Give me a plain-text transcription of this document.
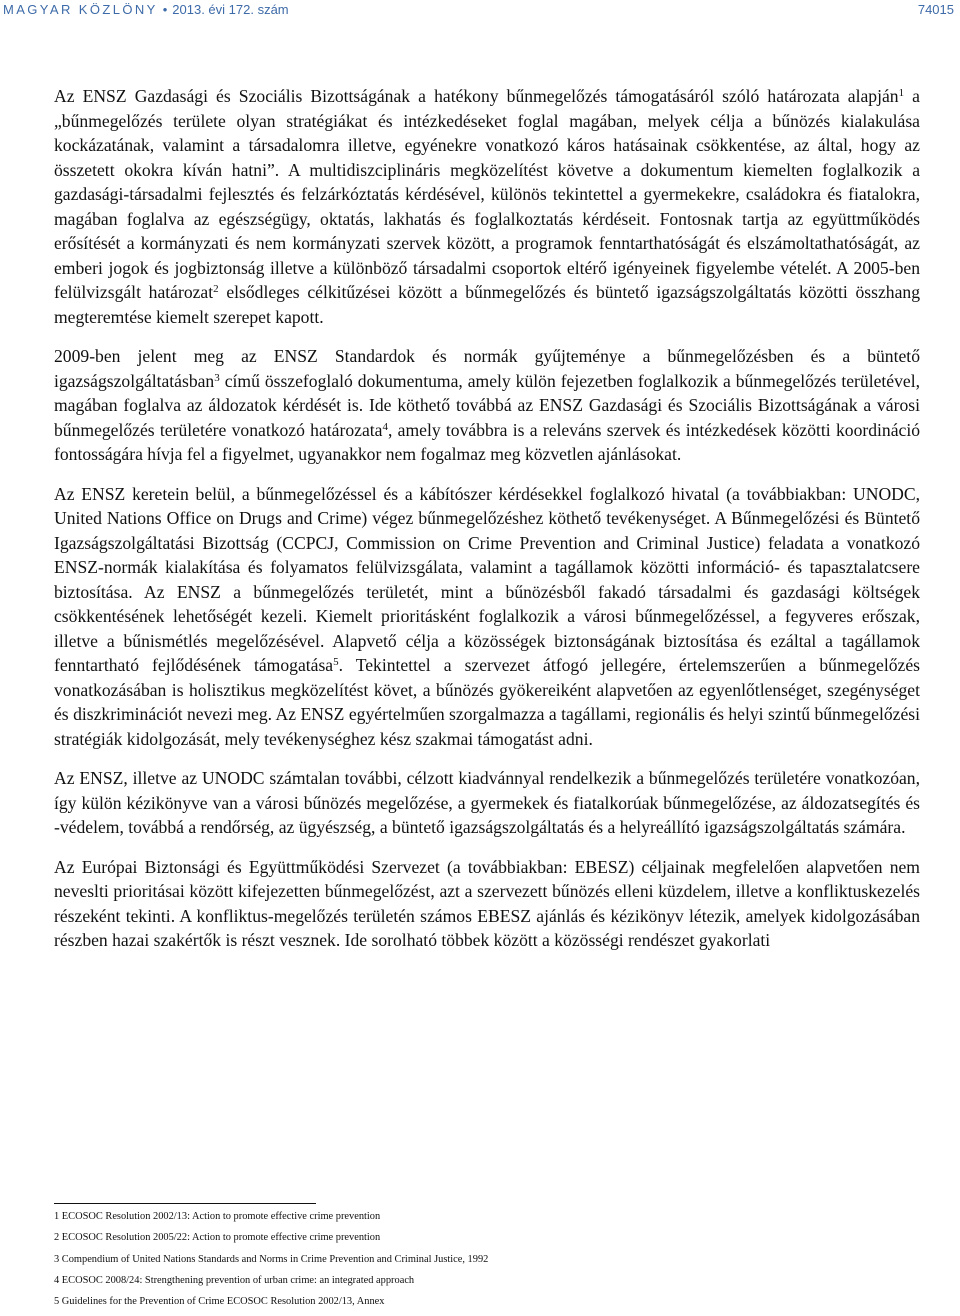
MAGYAR KÖZLÖNY • 2013. évi 172. szám	74015

Az ENSZ Gazdasági és Szociális Bizottságának a hatékony bűnmegelőzés támogatásáról szóló határozata alapján$^1$ a „bűnmegelőzés területe olyan stratégiákat és intézkedéseket foglal magában, melyek célja a bűnözés kialakulása kockázatának, valamint a társadalomra illetve, egyénekre vonatkozó káros hatásainak csökkentése, az által, hogy az összetett okokra kíván hatni”. A multidiszciplináris megközelítést követve a dokumentum kiemelten foglalkozik a gazdasági-társadalmi fejlesztés és felzárkóztatás kérdésével, különös tekintettel a gyermekekre, családokra és fiatalokra, magában foglalva az egészségügy, oktatás, lakhatás és foglalkoztatás kérdéseit. Fontosnak tartja az együttműködés erősítését a kormányzati és nem kormányzati szervek között, a programok fenntarthatóságát és elszámoltathatóságát, az emberi jogok és jogbiztonság illetve a különböző társadalmi csoportok eltérő igényeinek figyelembe vételét. A 2005-ben felülvizsgált határozat$^2$ elsődleges célkitűzései között a bűnmegelőzés és büntető igazságszolgáltatás közötti összhang megteremtése kiemelt szerepet kapott.

2009-ben jelent meg az ENSZ Standardok és normák gyűjteménye a bűnmegelőzésben és a büntető igazságszolgáltatásban$^3$ című összefoglaló dokumentuma, amely külön fejezetben foglalkozik a bűnmegelőzés területével, magában foglalva az áldozatok kérdését is. Ide köthető továbbá az ENSZ Gazdasági és Szociális Bizottságának a városi bűnmegelőzés területére vonatkozó határozata$^4$, amely továbbra is a releváns szervek és intézkedések közötti koordináció fontosságára hívja fel a figyelmet, ugyanakkor nem fogalmaz meg közvetlen ajánlásokat.

Az ENSZ keretein belül, a bűnmegelőzéssel és a kábítószer kérdésekkel foglalkozó hivatal (a továbbiakban: UNODC, United Nations Office on Drugs and Crime) végez bűnmegelőzéshez köthető tevékenységet. A Bűnmegelőzési és Büntető Igazságszolgáltatási Bizottság (CCPCJ, Commission on Crime Prevention and Criminal Justice) feladata a vonatkozó ENSZ-normák kialakítása és folyamatos felülvizsgálata, valamint a tagállamok közötti információ- és tapasztalatcsere biztosítása. Az ENSZ a bűnmegelőzés területét, mint a bűnözésből fakadó társadalmi és gazdasági költségek csökkentésének lehetőségét kezeli. Kiemelt prioritásként foglalkozik a városi bűnmegelőzéssel, a fegyveres erőszak, illetve a bűnismétlés megelőzésével. Alapvető célja a közösségek biztonságának biztosítása és ezáltal a tagállamok fenntartható fejlődésének támogatása$^5$. Tekintettel a szervezet átfogó jellegére, értelemszerűen a bűnmegelőzés vonatkozásában is holisztikus megközelítést követ, a bűnözés gyökereiként alapvetően az egyenlőtlenséget, szegénységet és diszkriminációt nevezi meg. Az ENSZ egyértelműen szorgalmazza a tagállami, regionális és helyi szintű bűnmegelőzési stratégiák kidolgozását, mely tevékenységhez kész szakmai támogatást adni.

Az ENSZ, illetve az UNODC számtalan további, célzott kiadvánnyal rendelkezik a bűnmegelőzés területére vonatkozóan, így külön kézikönyve van a városi bűnözés megelőzése, a gyermekek és fiatalkorúak bűnmegelőzése, az áldozatsegítés és -védelem, továbbá a rendőrség, az ügyészség, a büntető igazságszolgáltatás és a helyreállító igazságszolgáltatás számára.

Az Európai Biztonsági és Együttműködési Szervezet (a továbbiakban: EBESZ) céljainak megfelelően alapvetően nem neveslti prioritásai között kifejezetten bűnmegelőzést, azt a szervezett bűnözés elleni küzdelem, illetve a konfliktuskezelés részeként tekinti. A konfliktus-megelőzés területén számos EBESZ ajánlás és kézikönyv létezik, amelyek kidolgozásában részben hazai szakértők is részt vesznek. Ide sorolható többek között a közösségi rendészet gyakorlati

1 ECOSOC Resolution 2002/13: Action to promote effective crime prevention
2 ECOSOC Resolution 2005/22: Action to promote effective crime prevention
3 Compendium of United Nations Standards and Norms in Crime Prevention and Criminal Justice, 1992
4 ECOSOC 2008/24: Strengthening prevention of urban crime: an integrated approach
5 Guidelines for the Prevention of Crime ECOSOC Resolution 2002/13, Annex
